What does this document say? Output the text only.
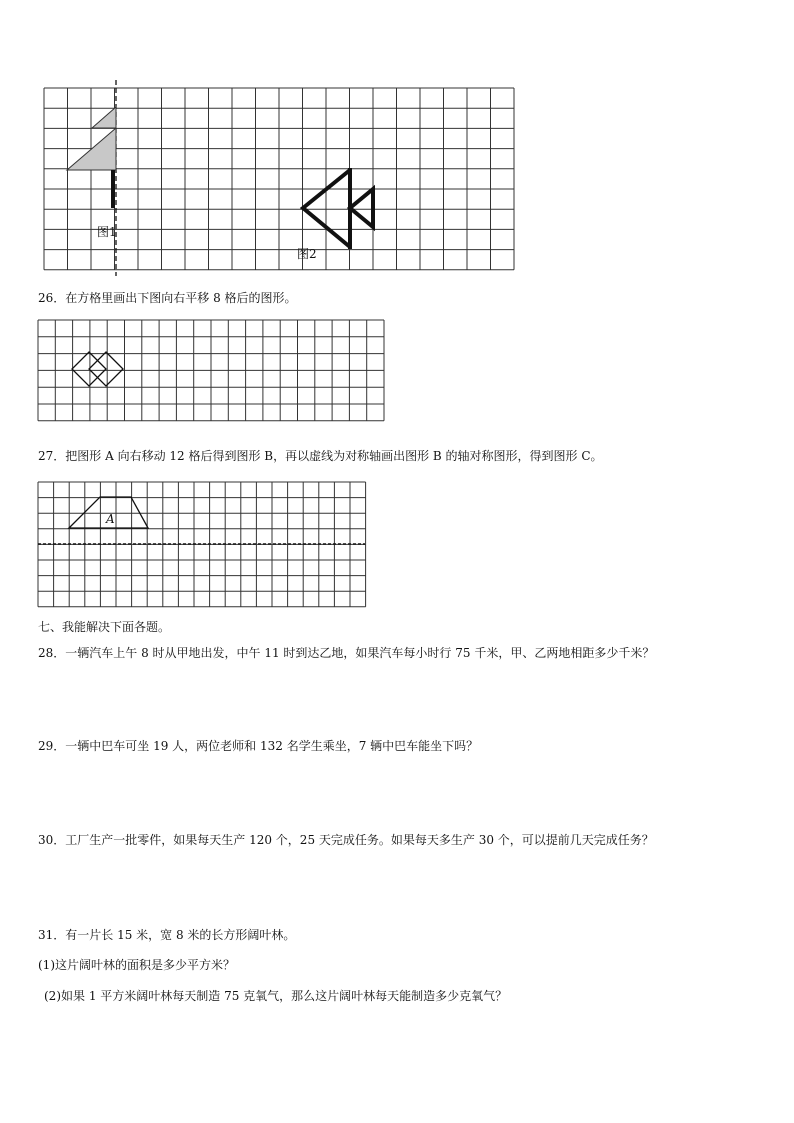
图1
图2
26．在方格里画出下图向右平移 8 格后的图形。
27．把图形 A 向右移动 12 格后得到图形 B，再以虚线为对称轴画出图形 B 的轴对称图形，得到图形 C。
A
七、我能解决下面各题。
28．一辆汽车上午 8 时从甲地出发，中午 11 时到达乙地，如果汽车每小时行 75 千米，甲、乙两地相距多少千米？
29．一辆中巴车可坐 19 人，两位老师和 132 名学生乘坐，7 辆中巴车能坐下吗？
30．工厂生产一批零件，如果每天生产 120 个，25 天完成任务。如果每天多生产 30 个，可以提前几天完成任务？
31．有一片长 15 米，宽 8 米的长方形阔叶林。
(1)这片阔叶林的面积是多少平方米？
(2)如果 1 平方米阔叶林每天制造 75 克氧气，那么这片阔叶林每天能制造多少克氧气？
